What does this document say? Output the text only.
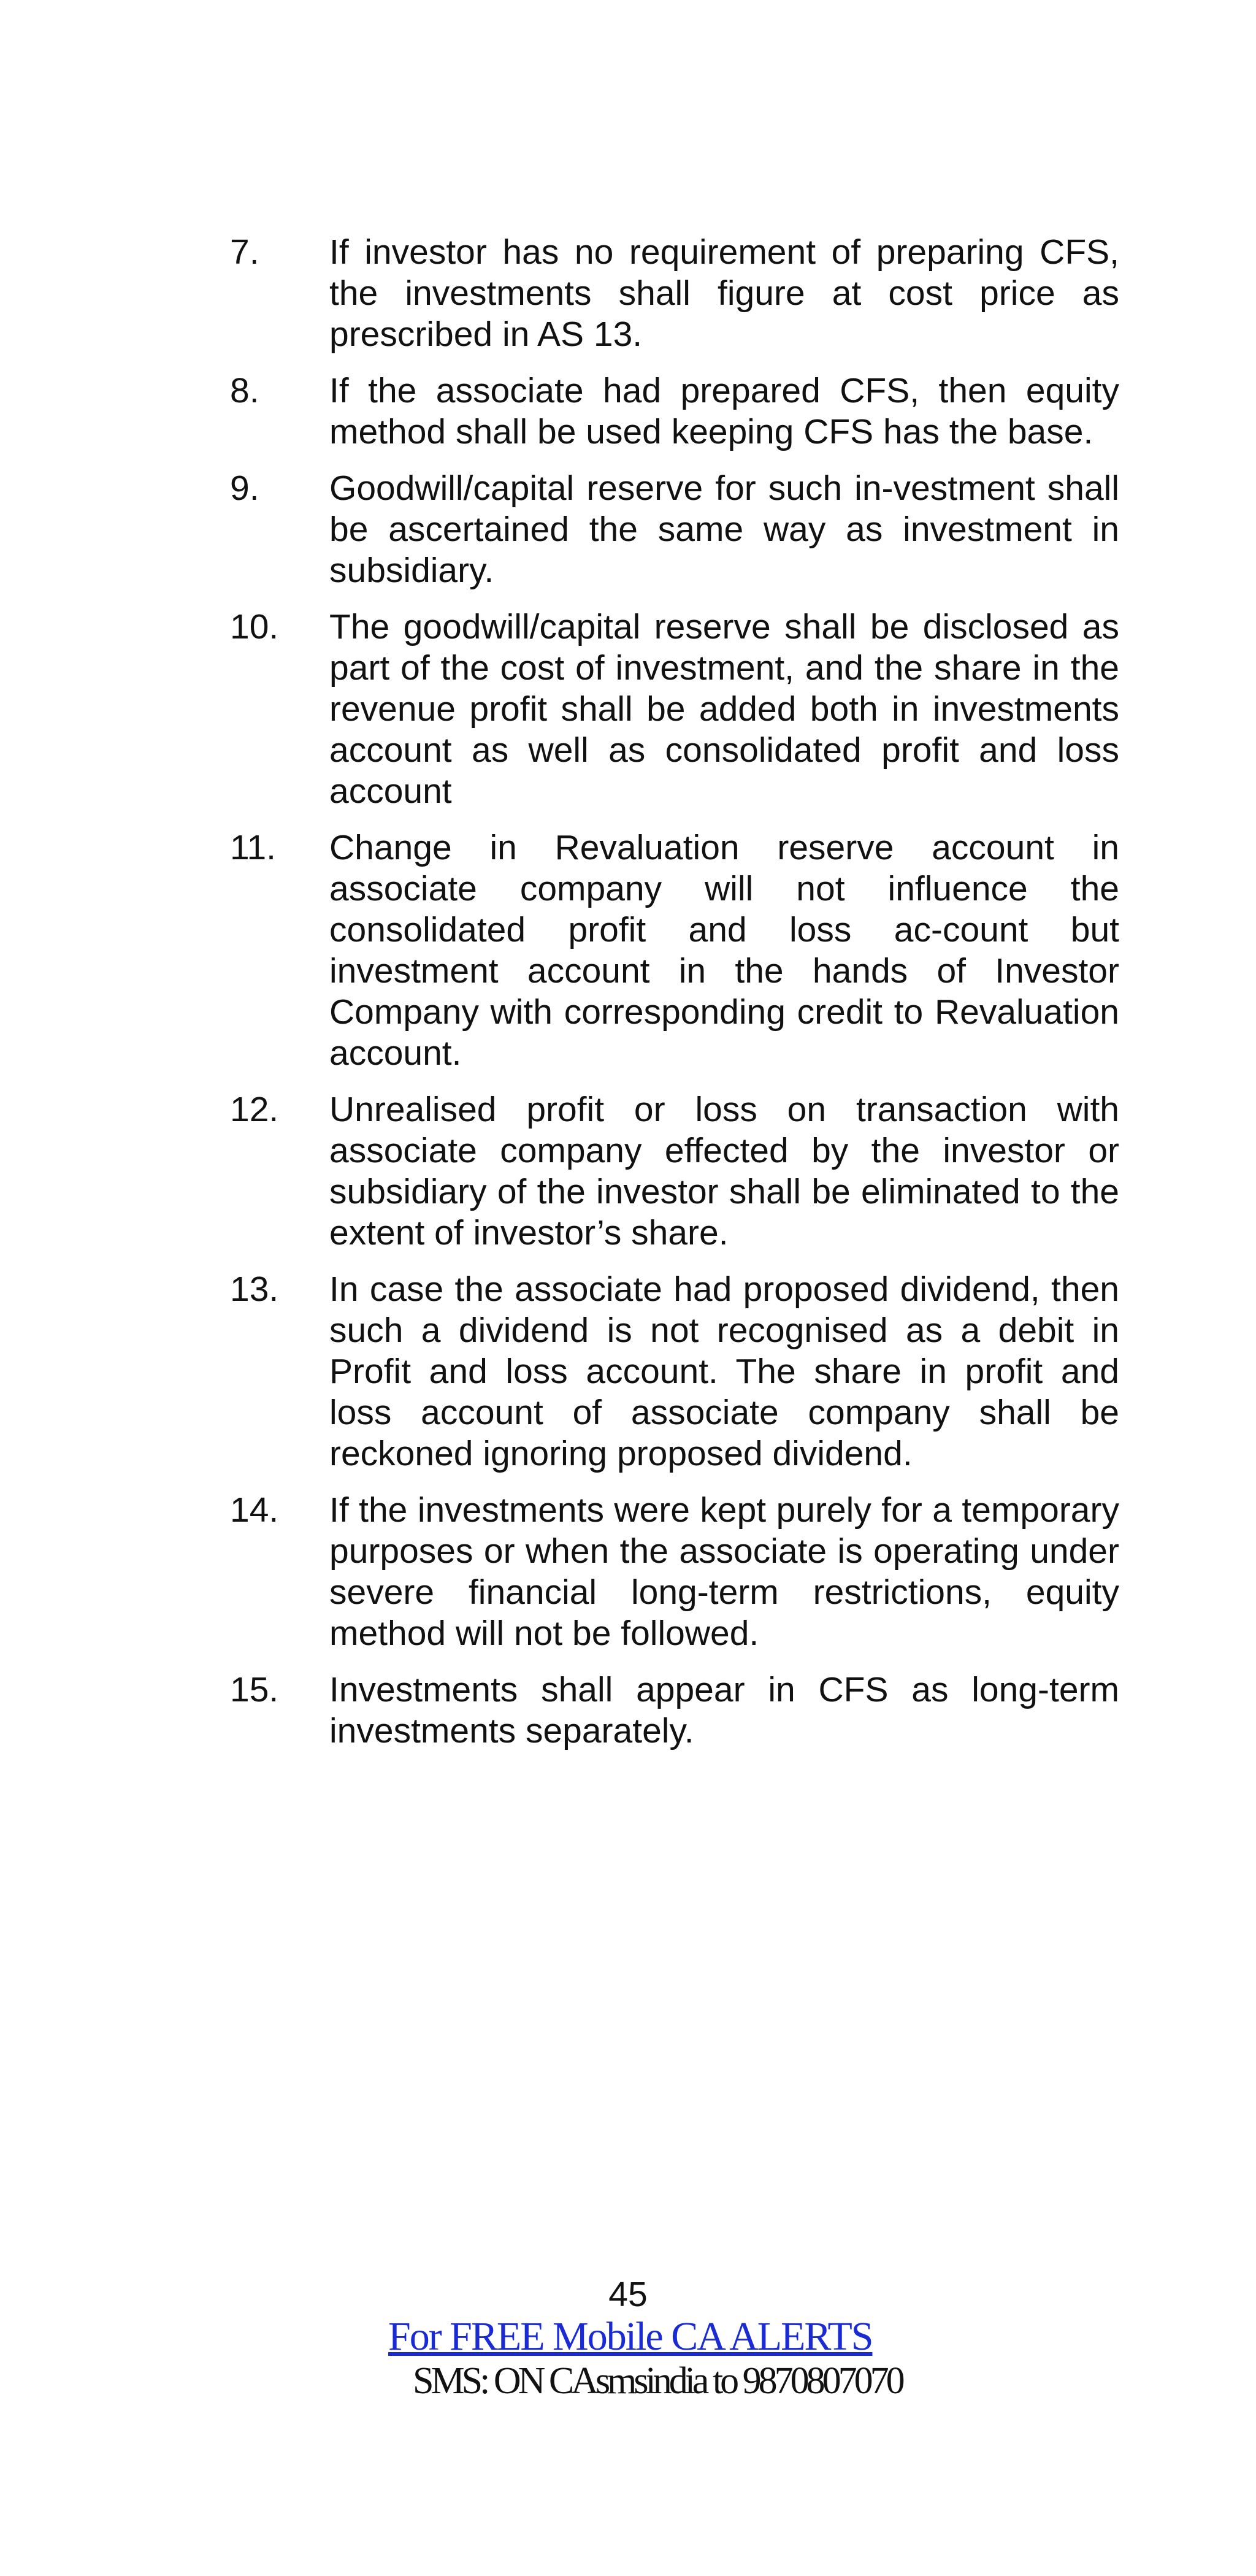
7.	If investor has no requirement of preparing CFS, the investments shall figure at cost price as prescribed in AS 13.
8.	If the associate had prepared CFS, then equity method shall be used keeping CFS has the base.
9.	Goodwill/capital reserve for such in-vestment shall be ascertained the same way as investment in subsidiary.
10.	The goodwill/capital reserve shall be disclosed as part of the cost of investment, and the share in the revenue profit shall be added both in investments account as well as consolidated profit and loss account
11.	Change in Revaluation reserve account in associate company will not influence the consolidated profit and loss ac-count but investment account in the hands of Investor Company with corresponding credit to Revaluation account.
12.	Unrealised profit or loss on transaction with associate company effected by the investor or subsidiary of the investor shall be eliminated to the extent of investor’s share.
13.	In case the associate had proposed dividend, then such a dividend is not recognised as a debit in Profit and loss account. The share in profit and loss account of associate company shall be reckoned ignoring proposed dividend.
14.	If the investments were kept purely for a temporary purposes or when the associate is operating under severe financial long-term restrictions, equity method will not be followed.
15.	Investments shall appear in CFS as long-term investments separately.
45
For FREE Mobile CA ALERTS
SMS: ON CAsmsindia to 9870807070
